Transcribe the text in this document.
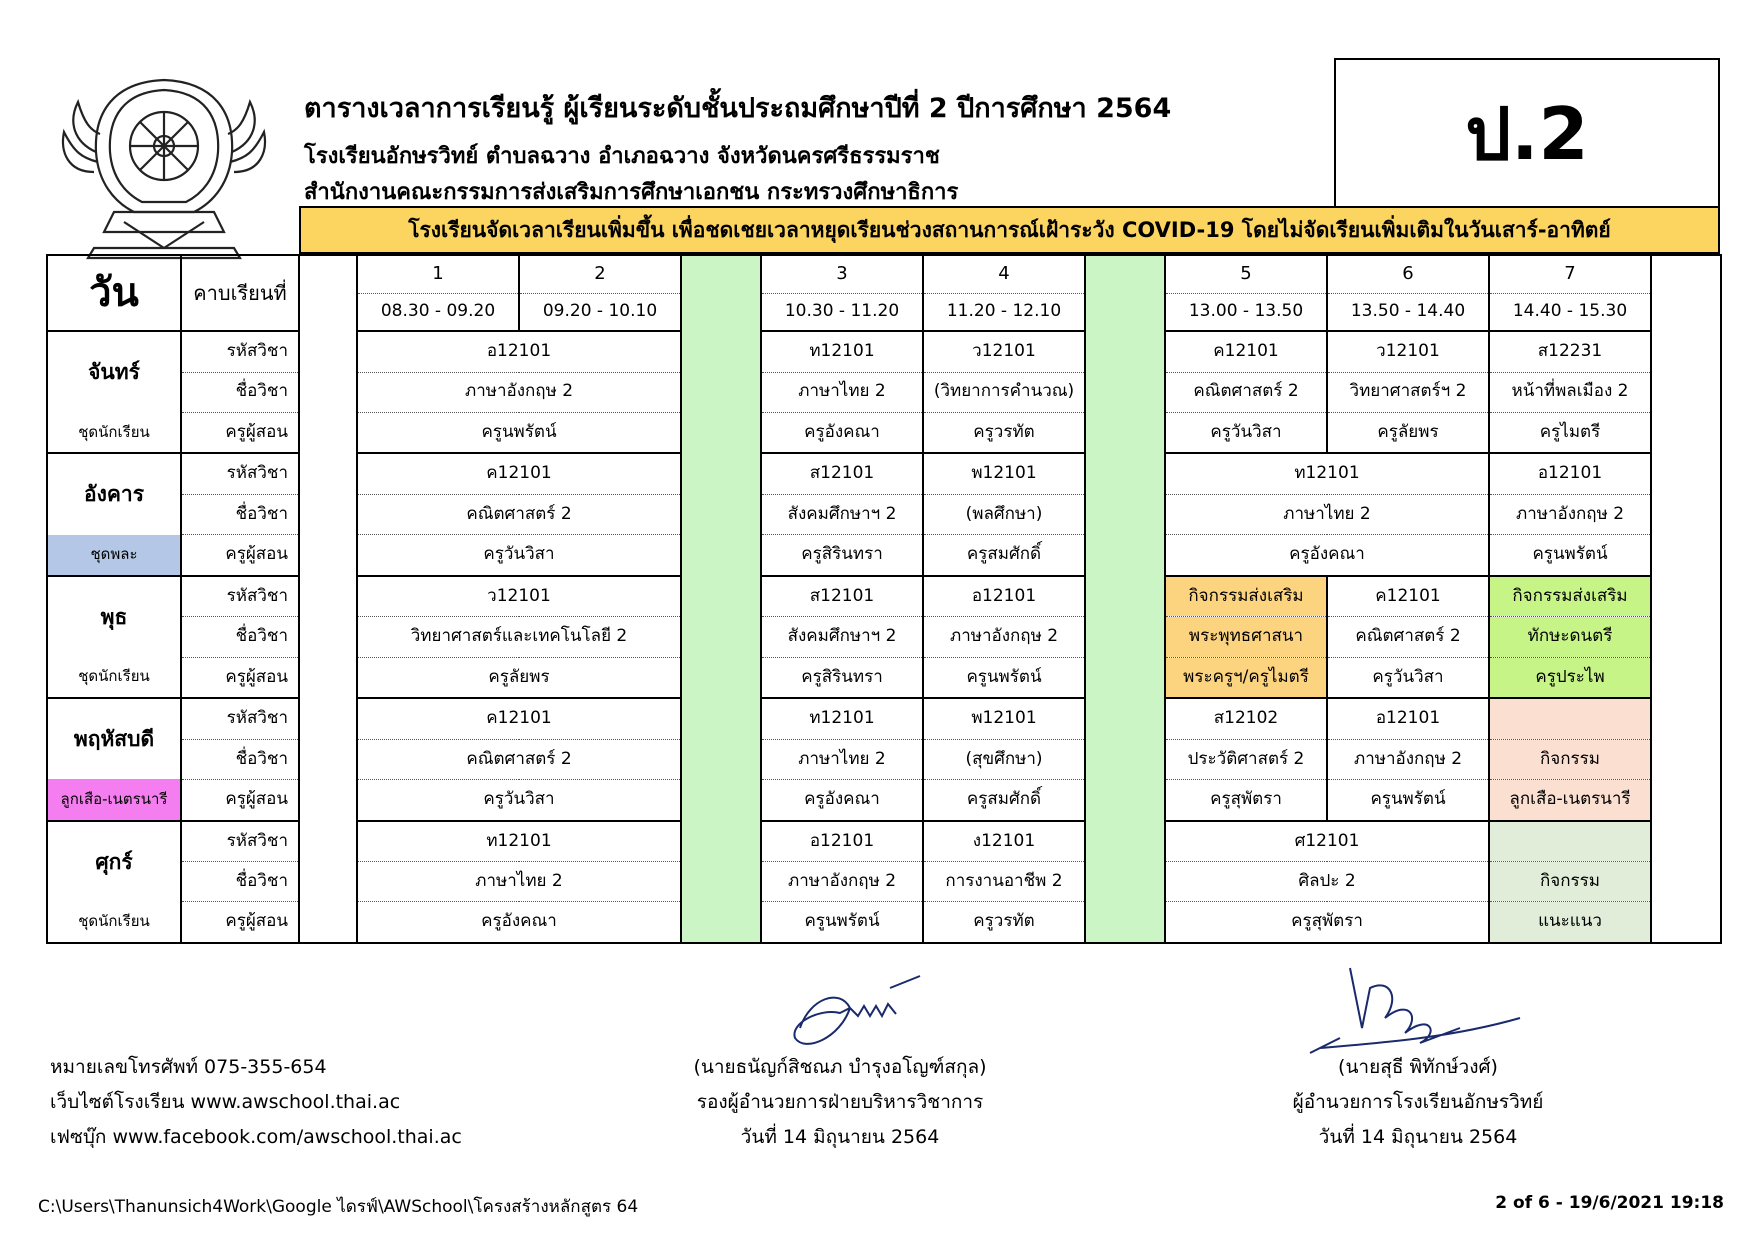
ตารางเวลาการเรียนรู้ ผู้เรียนระดับชั้นประถมศึกษาปีที่ 2 ปีการศึกษา 2564
โรงเรียนอักษรวิทย์ ตำบลฉวาง อำเภอฉวาง จังหวัดนครศรีธรรมราช
สำนักงานคณะกรรมการส่งเสริมการศึกษาเอกชน กระทรวงศึกษาธิการ
ป.2
โรงเรียนจัดเวลาเรียนเพิ่มขึ้น เพื่อชดเชยเวลาหยุดเรียนช่วงสถานการณ์เฝ้าระวัง COVID-19 โดยไม่จัดเรียนเพิ่มเติมในวันเสาร์-อาทิตย์
วัน	คาบเรียนที่		1	2		3	4		5	6	7	
			08.30 - 09.20	09.20 - 10.10		10.30 - 11.20	11.20 - 12.10		13.00 - 13.50	13.50 - 14.40	14.40 - 15.30	
จันทร์	รหัสวิชา		อ12101			ท12101	ว12101		ค12101	ว12101	ส12231	
	ชื่อวิชา		ภาษาอังกฤษ 2			ภาษาไทย 2	(วิทยาการคำนวณ)		คณิตศาสตร์ 2	วิทยาศาสตร์ฯ 2	หน้าที่พลเมือง 2	
ชุดนักเรียน	ครูผู้สอน		ครูนพรัตน์			ครูอังคณา	ครูวรทัต		ครูวันวิสา	ครูลัยพร	ครูไมตรี	
อังคาร	รหัสวิชา		ค12101			ส12101	พ12101		ท12101		อ12101	
	ชื่อวิชา		คณิตศาสตร์ 2			สังคมศึกษาฯ 2	(พลศึกษา)		ภาษาไทย 2		ภาษาอังกฤษ 2	
ชุดพละ	ครูผู้สอน		ครูวันวิสา			ครูสิรินทรา	ครูสมศักดิ์		ครูอังคณา		ครูนพรัตน์	
พุธ	รหัสวิชา		ว12101			ส12101	อ12101		กิจกรรมส่งเสริม	ค12101	กิจกรรมส่งเสริม	
	ชื่อวิชา		วิทยาศาสตร์และเทคโนโลยี 2			สังคมศึกษาฯ 2	ภาษาอังกฤษ 2		พระพุทธศาสนา	คณิตศาสตร์ 2	ทักษะดนตรี	
ชุดนักเรียน	ครูผู้สอน		ครูลัยพร			ครูสิรินทรา	ครูนพรัตน์		พระครูฯ/ครูไมตรี	ครูวันวิสา	ครูประไพ	
พฤหัสบดี	รหัสวิชา		ค12101			ท12101	พ12101		ส12102	อ12101		
	ชื่อวิชา		คณิตศาสตร์ 2			ภาษาไทย 2	(สุขศึกษา)		ประวัติศาสตร์ 2	ภาษาอังกฤษ 2	กิจกรรม	
ลูกเสือ-เนตรนารี	ครูผู้สอน		ครูวันวิสา			ครูอังคณา	ครูสมศักดิ์		ครูสุพัตรา	ครูนพรัตน์	ลูกเสือ-เนตรนารี	
ศุกร์	รหัสวิชา		ท12101			อ12101	ง12101		ศ12101			
	ชื่อวิชา		ภาษาไทย 2			ภาษาอังกฤษ 2	การงานอาชีพ 2		ศิลปะ 2		กิจกรรม	
ชุดนักเรียน	ครูผู้สอน		ครูอังคณา			ครูนพรัตน์	ครูวรทัต		ครูสุพัตรา		แนะแนว	
หมายเลขโทรศัพท์ 075-355-654
เว็บไซต์โรงเรียน www.awschool.thai.ac
เฟซบุ๊ก www.facebook.com/awschool.thai.ac
(นายธนัญก์สิชณภ บำรุงอโญฑ์สกุล)
รองผู้อำนวยการฝ่ายบริหารวิชาการ
วันที่ 14 มิถุนายน 2564
(นายสุธี พิทักษ์วงศ์)
ผู้อำนวยการโรงเรียนอักษรวิทย์
วันที่ 14 มิถุนายน 2564
C:\Users\Thanunsich4Work\Google ไดรฟ์\AWSchool\โครงสร้างหลักสูตร 64	2 of 6 - 19/6/2021 19:18
